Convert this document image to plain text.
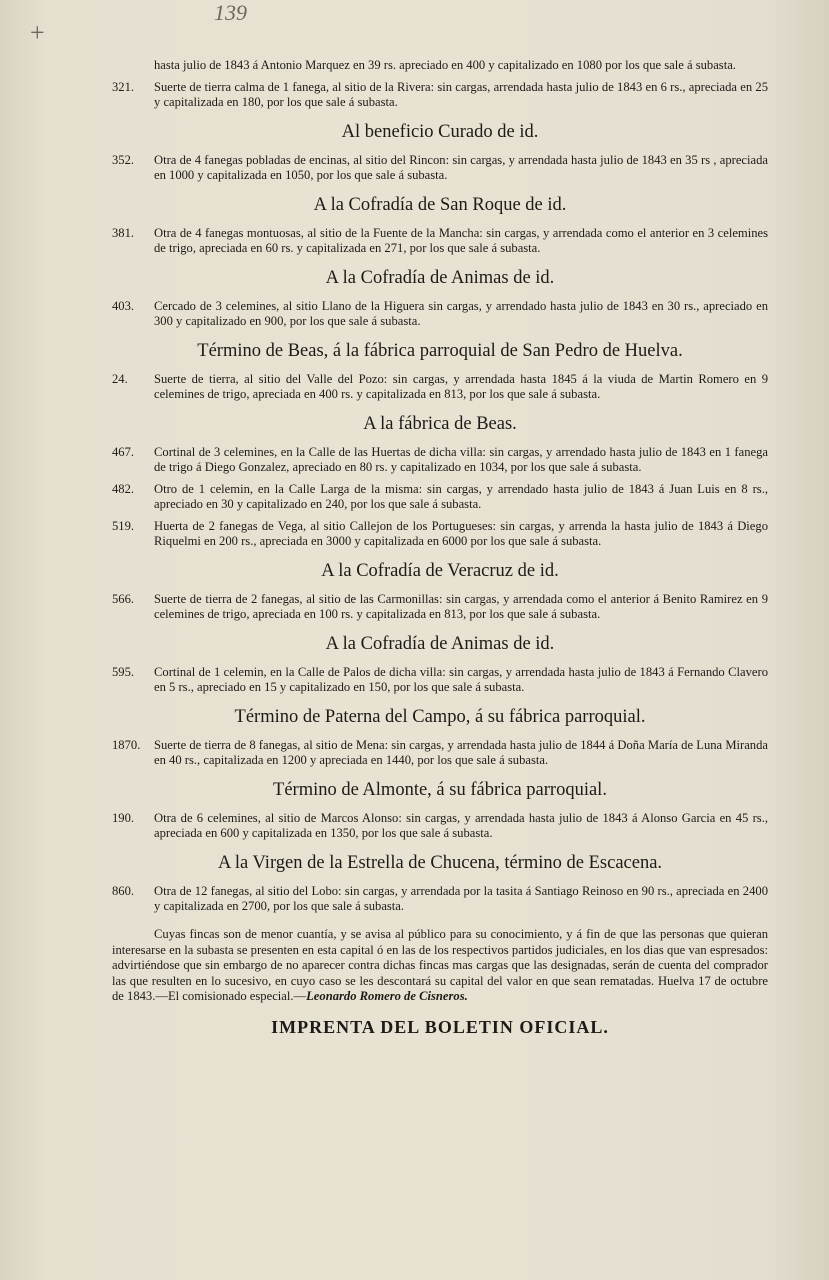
+
139
hasta julio de 1843 á Antonio Marquez en 39 rs. apreciado en 400 y capitalizado en 1080 por los que sale á subasta.
321.	Suerte de tierra calma de 1 fanega, al sitio de la Rivera: sin cargas, arrendada hasta julio de 1843 en 6 rs., apreciada en 25 y capitalizada en 180, por los que sale á subasta.
Al beneficio Curado de id.
352.	Otra de 4 fanegas pobladas de encinas, al sitio del Rincon: sin cargas, y arrendada hasta julio de 1843 en 35 rs , apreciada en 1000 y capitalizada en 1050, por los que sale á subasta.
A la Cofradía de San Roque de id.
381.	Otra de 4 fanegas montuosas, al sitio de la Fuente de la Mancha: sin cargas, y arrendada como el anterior en 3 celemines de trigo, apreciada en 60 rs. y capitalizada en 271, por los que sale á subasta.
A la Cofradía de Animas de id.
403.	Cercado de 3 celemines, al sitio Llano de la Higuera sin cargas, y arrendado hasta julio de 1843 en 30 rs., apreciado en 300 y capitalizado en 900, por los que sale á subasta.
Término de Beas, á la fábrica parroquial de San Pedro de Huelva.
24.	Suerte de tierra, al sitio del Valle del Pozo: sin cargas, y arrendada hasta 1845 á la viuda de Martin Romero en 9 celemines de trigo, apreciada en 400 rs. y capitalizada en 813, por los que sale á subasta.
A la fábrica de Beas.
467.	Cortinal de 3 celemines, en la Calle de las Huertas de dicha villa: sin cargas, y arrendado hasta julio de 1843 en 1 fanega de trigo á Diego Gonzalez, apreciado en 80 rs. y capitalizado en 1034, por los que sale á subasta.
482.	Otro de 1 celemin, en la Calle Larga de la misma: sin cargas, y arrendado hasta julio de 1843 á Juan Luis en 8 rs., apreciado en 30 y capitalizado en 240, por los que sale á subasta.
519.	Huerta de 2 fanegas de Vega, al sitio Callejon de los Portugueses: sin cargas, y arrenda la hasta julio de 1843 á Diego Riquelmi en 200 rs., apreciada en 3000 y capitalizada en 6000 por los que sale á subasta.
A la Cofradía de Veracruz de id.
566.	Suerte de tierra de 2 fanegas, al sitio de las Carmonillas: sin cargas, y arrendada como el anterior á Benito Ramirez en 9 celemines de trigo, apreciada en 100 rs. y capitalizada en 813, por los que sale á subasta.
A la Cofradía de Animas de id.
595.	Cortinal de 1 celemin, en la Calle de Palos de dicha villa: sin cargas, y arrendada hasta julio de 1843 á Fernando Clavero en 5 rs., apreciado en 15 y capitalizado en 150, por los que sale á subasta.
Término de Paterna del Campo, á su fábrica parroquial.
1870.	Suerte de tierra de 8 fanegas, al sitio de Mena: sin cargas, y arrendada hasta julio de 1844 á Doña María de Luna Miranda en 40 rs., capitalizada en 1200 y apreciada en 1440, por los que sale á subasta.
Término de Almonte, á su fábrica parroquial.
190.	Otra de 6 celemines, al sitio de Marcos Alonso: sin cargas, y arrendada hasta julio de 1843 á Alonso Garcia en 45 rs., apreciada en 600 y capitalizada en 1350, por los que sale á subasta.
A la Virgen de la Estrella de Chucena, término de Escacena.
860.	Otra de 12 fanegas, al sitio del Lobo: sin cargas, y arrendada por la tasita á Santiago Reinoso en 90 rs., apreciada en 2400 y capitalizada en 2700, por los que sale á subasta.

Cuyas fincas son de menor cuantía, y se avisa al público para su conocimiento, y á fin de que las personas que quieran interesarse en la subasta se presenten en esta capital ó en las de los respectivos partidos judiciales, en los dias que van espresados: advirtiéndose que sin embargo de no aparecer contra dichas fincas mas cargas que las designadas, serán de cuenta del comprador las que resulten en lo sucesivo, en cuyo caso se les descontará su capital del valor en que sean rematadas. Huelva 17 de octubre de 1843.—El comisionado especial.—Leonardo Romero de Cisneros.

IMPRENTA DEL BOLETIN OFICIAL.
